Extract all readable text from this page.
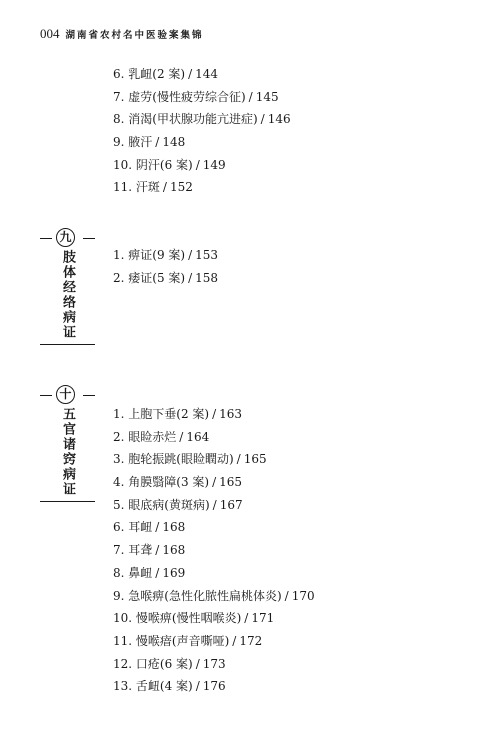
004 湖南省农村名中医验案集锦
6. 乳衄(2 案) / 144
7. 虚劳(慢性疲劳综合征) / 145
8. 消渴(甲状腺功能亢进症) / 146
9. 腋汗 / 148
10. 阴汗(6 案) / 149
11. 汗斑 / 152
九
肢体经络病证	1. 痹证(9 案) / 153
2. 痿证(5 案) / 158
十
五官诸窍病证	1. 上胞下垂(2 案) / 163
2. 眼睑赤烂 / 164
3. 胞轮振跳(眼睑瞤动) / 165
4. 角膜翳障(3 案) / 165
5. 眼底病(黄斑病) / 167
6. 耳衄 / 168
7. 耳聋 / 168
8. 鼻衄 / 169
9. 急喉痹(急性化脓性扁桃体炎) / 170
10. 慢喉痹(慢性咽喉炎) / 171
11. 慢喉瘖(声音嘶哑) / 172
12. 口疮(6 案) / 173
13. 舌衄(4 案) / 176
